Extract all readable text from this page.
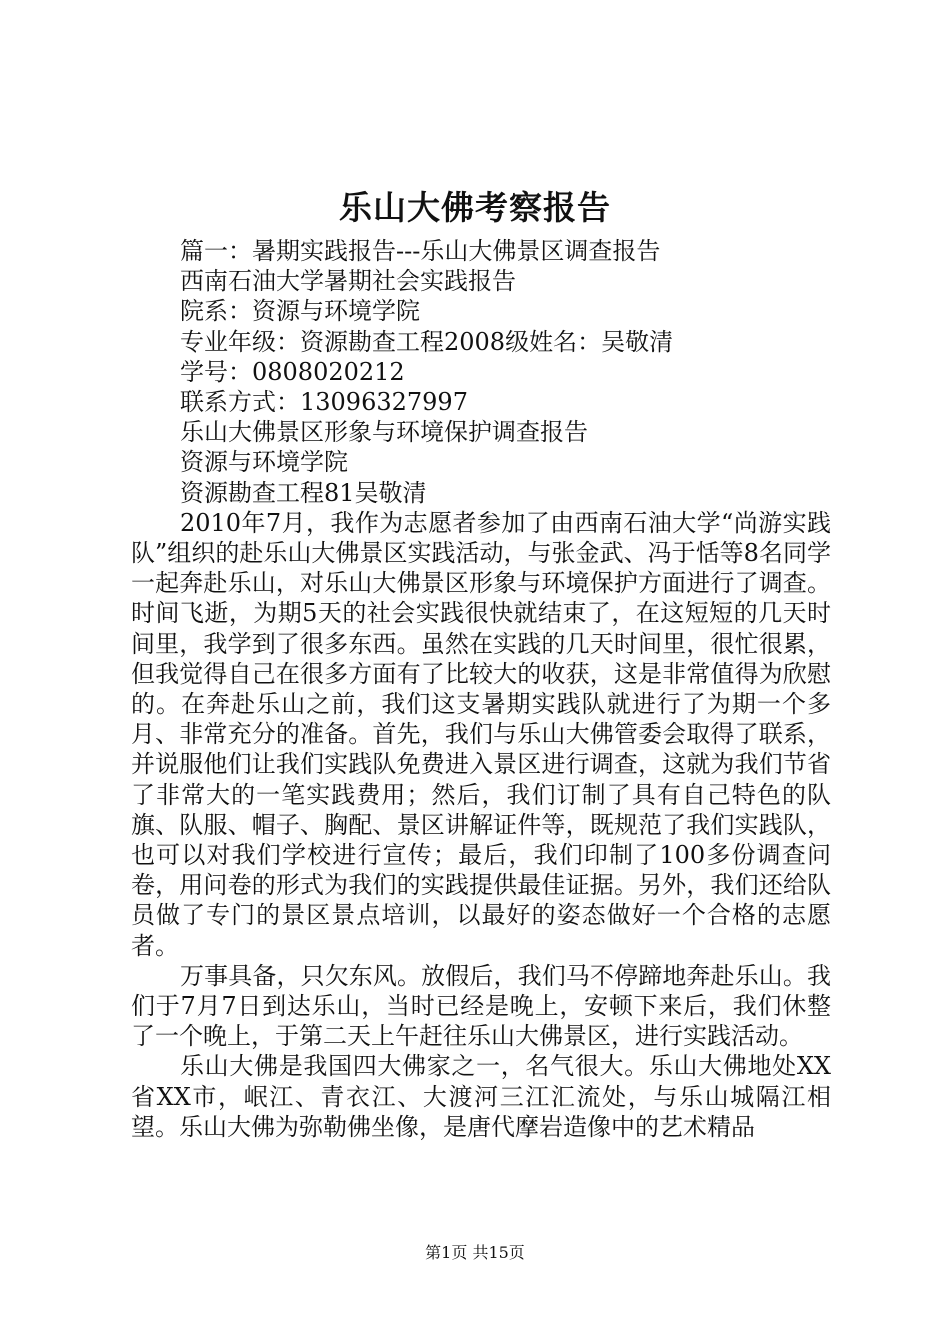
乐山大佛考察报告
篇一：暑期实践报告---乐山大佛景区调查报告
西南石油大学暑期社会实践报告
院系：资源与环境学院
专业年级：资源勘查工程2008级姓名：吴敬清
学号：0808020212
联系方式：13096327997
乐山大佛景区形象与环境保护调查报告
资源与环境学院
资源勘查工程81吴敬清

2010年7月，我作为志愿者参加了由西南石油大学“尚游实践队”组织的赴乐山大佛景区实践活动，与张金武、冯于恬等8名同学一起奔赴乐山，对乐山大佛景区形象与环境保护方面进行了调查。时间飞逝，为期5天的社会实践很快就结束了，在这短短的几天时间里，我学到了很多东西。虽然在实践的几天时间里，很忙很累，但我觉得自己在很多方面有了比较大的收获，这是非常值得为欣慰的。在奔赴乐山之前，我们这支暑期实践队就进行了为期一个多月、非常充分的准备。首先，我们与乐山大佛管委会取得了联系，并说服他们让我们实践队免费进入景区进行调查，这就为我们节省了非常大的一笔实践费用；然后，我们订制了具有自己特色的队旗、队服、帽子、胸配、景区讲解证件等，既规范了我们实践队，也可以对我们学校进行宣传；最后，我们印制了100多份调查问卷，用问卷的形式为我们的实践提供最佳证据。另外，我们还给队员做了专门的景区景点培训，以最好的姿态做好一个合格的志愿者。

万事具备，只欠东风。放假后，我们马不停蹄地奔赴乐山。我们于7月7日到达乐山，当时已经是晚上，安顿下来后，我们休整了一个晚上，于第二天上午赶往乐山大佛景区，进行实践活动。

乐山大佛是我国四大佛家之一，名气很大。乐山大佛地处XX省XX市，岷江、青衣江、大渡河三江汇流处，与乐山城隔江相望。乐山大佛为弥勒佛坐像，是唐代摩岩造像中的艺术精品

第1页 共15页
